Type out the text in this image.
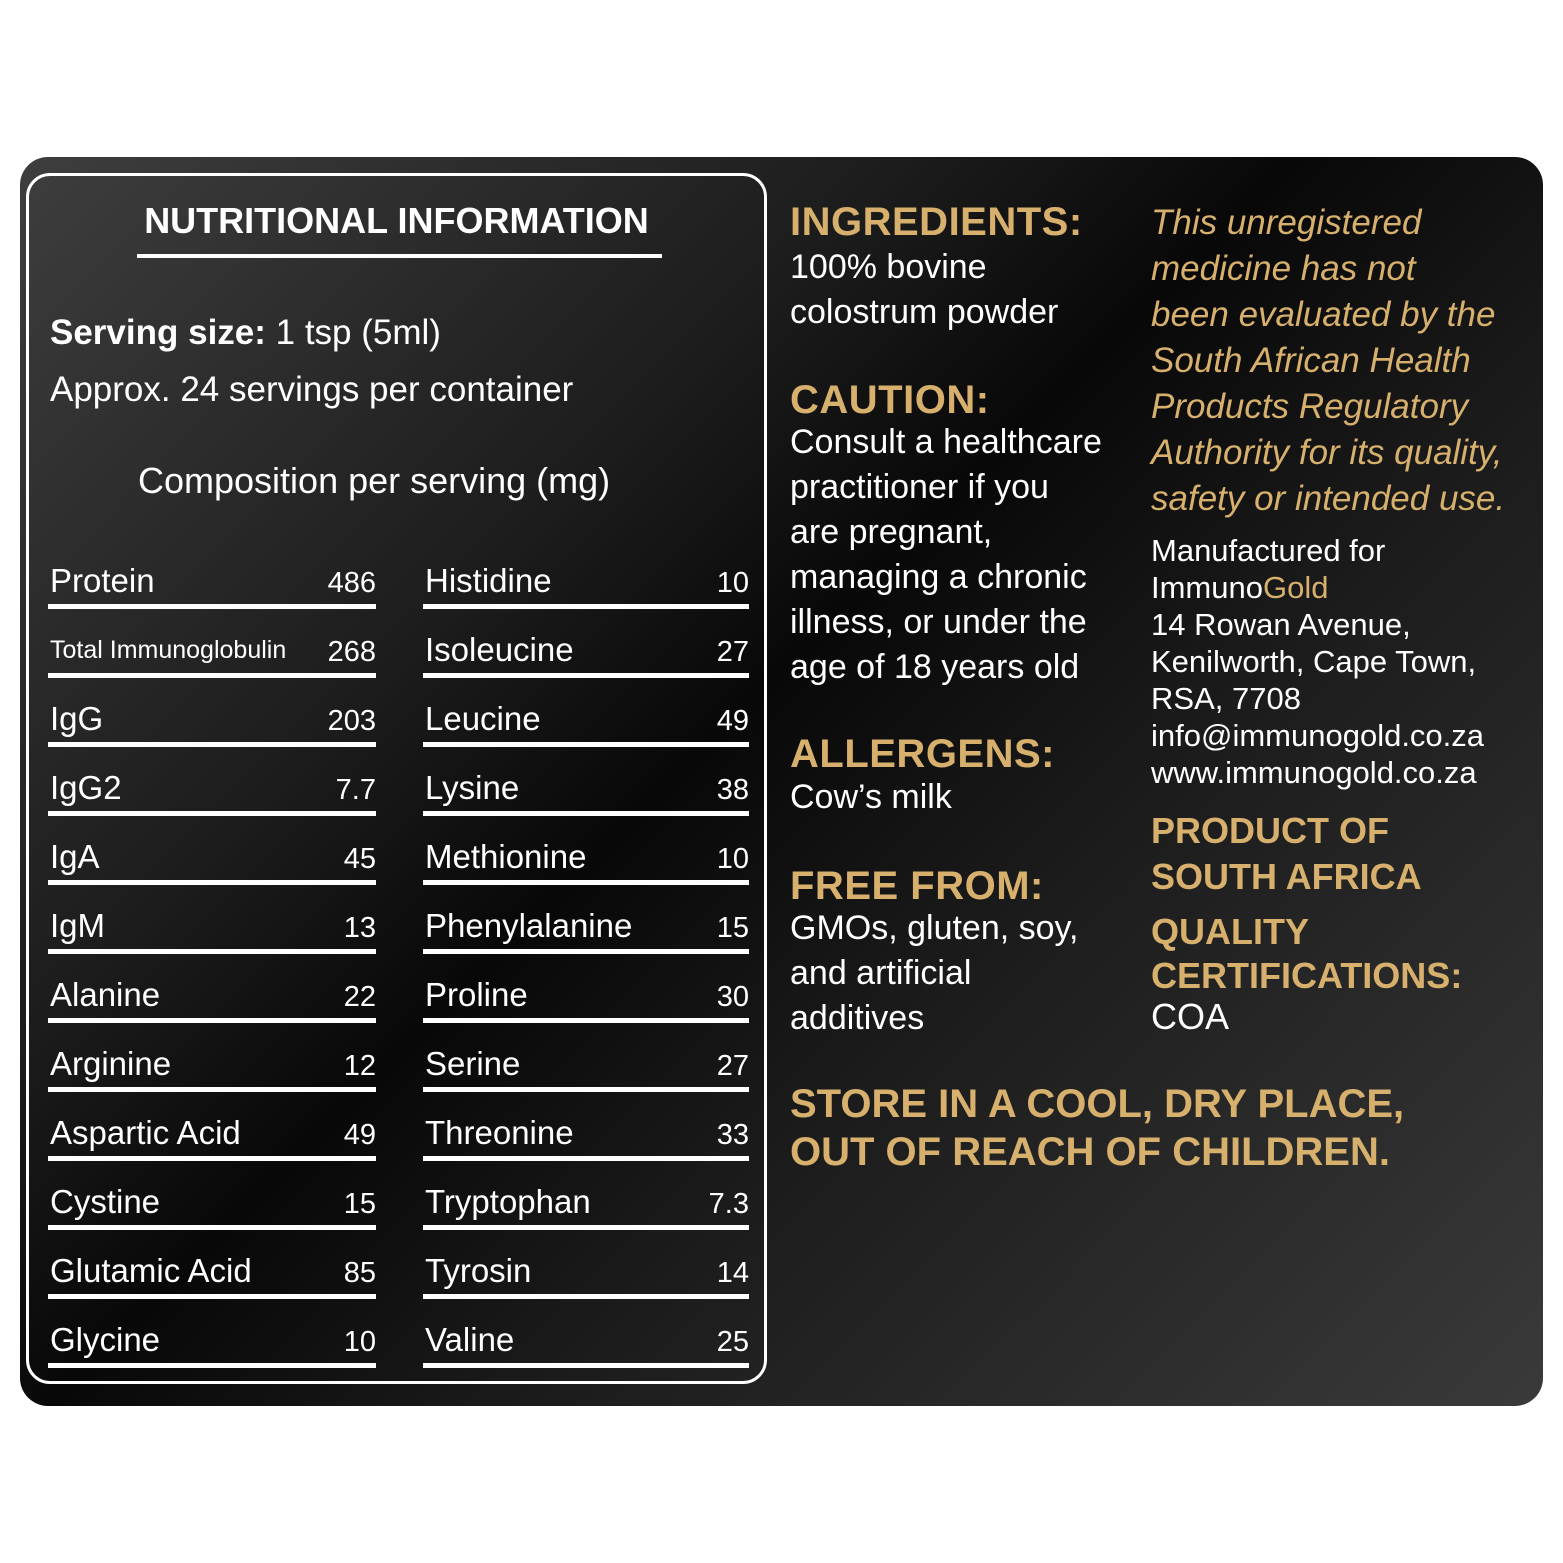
NUTRITIONAL INFORMATION
Serving size: 1 tsp (5ml)
Approx. 24 servings per container
Composition per serving (mg)
Protein	486
Total Immunoglobulin 268
IgG	203
IgG2	7.7
IgA	45
IgM	13
Alanine	22
Arginine	12
Aspartic Acid	49
Cystine	15
Glutamic Acid	85
Glycine	10
Histidine	10
Isoleucine	27
Leucine	49
Lysine	38
Methionine	10
Phenylalanine	15
Proline	30
Serine	27
Threonine	33
Tryptophan	7.3
Tyrosin	14
Valine	25
INGREDIENTS:
100% bovine
colostrum powder
CAUTION:
Consult a healthcare
practitioner if you
are pregnant,
managing a chronic
illness, or under the
age of 18 years old
ALLERGENS:
Cow’s milk
FREE FROM:
GMOs, gluten, soy,
and artificial
additives
This unregistered
medicine has not
been evaluated by the
South African Health
Products Regulatory
Authority for its quality,
safety or intended use.
Manufactured for
ImmunoGold
14 Rowan Avenue,
Kenilworth, Cape Town,
RSA, 7708
info@immunogold.co.za
www.immunogold.co.za
PRODUCT OF
SOUTH AFRICA
QUALITY
CERTIFICATIONS:
COA
STORE IN A COOL, DRY PLACE,
OUT OF REACH OF CHILDREN.
